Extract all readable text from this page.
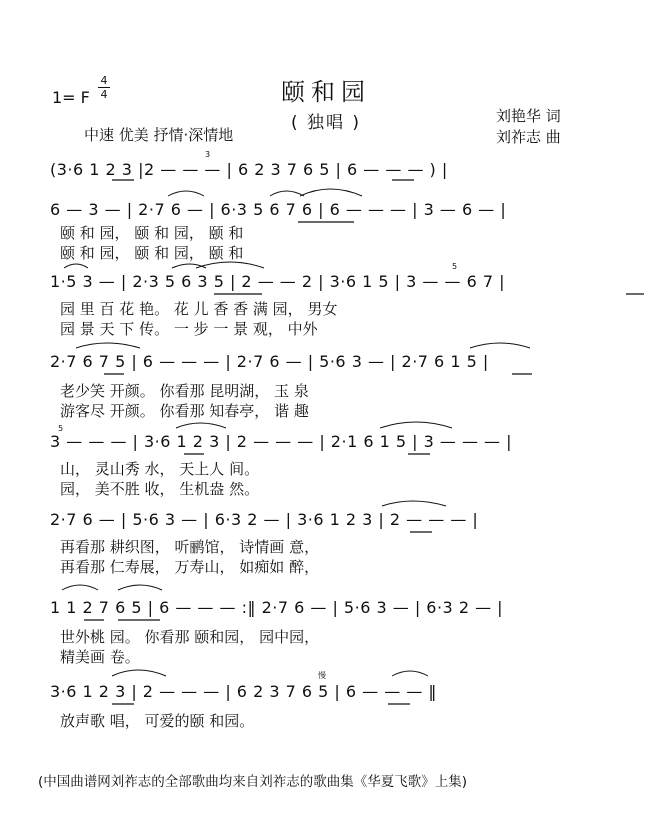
1= F
4
4	颐和园
( 独唱 )
中速 优美 抒情·深情地
刘艳华 词
刘祚志 曲
(3·6 1 2 3 |2 — — — | 6 2 3 7 6 5 | 6 — — — ) |
6 — 3 — | 2·7 6 — | 6·3 5 6 7 6 | 6 — — — | 3 — 6 — |
颐 和 园， 颐 和 园， 颐 和
颐 和 园， 颐 和 园， 颐 和
1·5 3 — | 2·3 5 6 3 5 | 2 — — 2 | 3·6 1 5 | 3 — — 6 7 |
园 里 百 花 艳。 花 儿 香 香 满 园， 男女
园 景 天 下 传。 一 步 一 景 观， 中外
2·7 6 7 5 | 6 — — — | 2·7 6 — | 5·6 3 — | 2·7 6 1 5 |
老少笑 开颜。 你看那 昆明湖， 玉 泉
游客尽 开颜。 你看那 知春亭， 谐 趣
3 — — — | 3·6 1 2 3 | 2 — — — | 2·1 6 1 5 | 3 — — — |
山， 灵山秀 水， 天上人 间。
园， 美不胜 收， 生机盎 然。
2·7 6 — | 5·6 3 — | 6·3 2 — | 3·6 1 2 3 | 2 — — — |
再看那 耕织图， 听鹂馆， 诗情画 意，
再看那 仁寿展， 万寿山， 如痴如 醉，
1 1 2 7 6 5 | 6 — — — :‖ 2·7 6 — | 5·6 3 — | 6·3 2 — |
世外桃 园。 你看那 颐和园， 园中园，
精美画 卷。
3·6 1 2 3 | 2 — — — | 6 2 3 7 6 5 | 6 — — — ‖
放声歌 唱， 可爱的颐 和园。
3
5
5
慢
(中国曲谱网刘祚志的全部歌曲均来自刘祚志的歌曲集《华夏飞歌》上集)
